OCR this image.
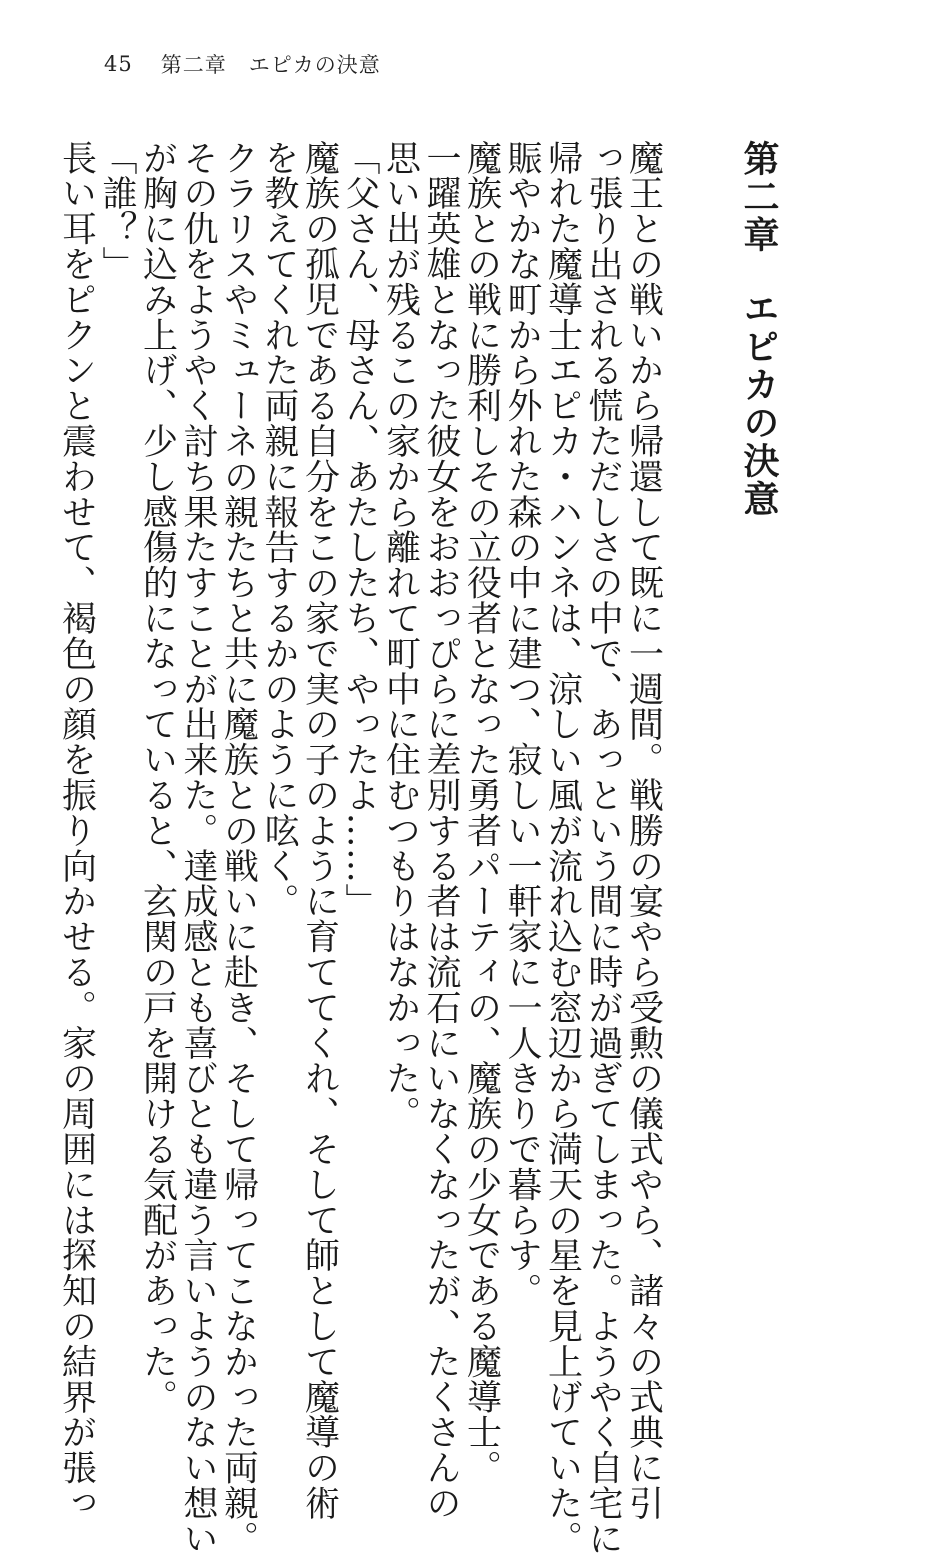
45 第二章　エピカの決意
第二章エピカの決意
魔王との戦いから帰還して既に一週間。戦勝の宴やら受勲の儀式やら、諸々の式典に引
っ張り出される慌ただしさの中で、あっという間に時が過ぎてしまった。ようやく自宅に
帰れた魔導士エピカ・ハンネは、涼しい風が流れ込む窓辺から満天の星を見上げていた。
賑やかな町から外れた森の中に建つ、寂しい一軒家に一人きりで暮らす。
魔族との戦に勝利しその立役者となった勇者パーティの、魔族の少女である魔導士。
一躍英雄となった彼女をおおっぴらに差別する者は流石にいなくなったが、たくさんの
思い出が残るこの家から離れて町中に住むつもりはなかった。
「父さん、母さん、あたしたち、やったよ……」
魔族の孤児である自分をこの家で実の子のように育ててくれ、そして師として魔導の術
を教えてくれた両親に報告するかのように呟く。
クラリスやミューネの親たちと共に魔族との戦いに赴き、そして帰ってこなかった両親。
その仇をようやく討ち果たすことが出来た。達成感とも喜びとも違う言いようのない想い
が胸に込み上げ、少し感傷的になっていると、玄関の戸を開ける気配があった。
「誰？」
長い耳をピクンと震わせて、褐色の顔を振り向かせる。家の周囲には探知の結界が張っ
